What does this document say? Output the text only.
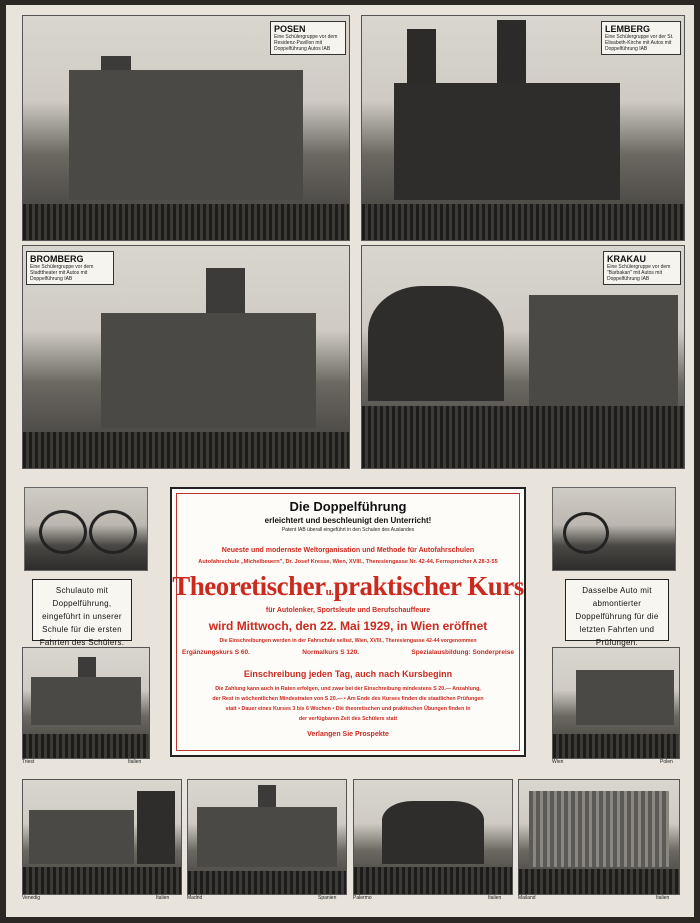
POSEN
Eine Schülergruppe vor dem Residenz-Pavillon mit Doppelführung Autos IAB
LEMBERG
Eine Schülergruppe vor der St. Elisabeth-Kirche mit Autos mit Doppelführung IAB
BROMBERG
Eine Schülergruppe vor dem Stadttheater mit Autos mit Doppelführung IAB
KRAKAU
Eine Schülergruppe vor dem "Barbakan" mit Autos mit Doppelführung IAB
Schulauto mit Doppelführung, eingeführt in unserer Schule für die ersten Fahrten des Schülers.
Dasselbe Auto mit abmontierter Doppelführung für die letzten Fahrten und Prüfungen.
Triest	Italien	Wien	Polen
Die Doppelführung
erleichtert und beschleunigt den Unterricht!
Patent IAB überall eingeführt in den Schulen des Auslandes
Neueste und modernste Weltorganisation und Methode für Autofahrschulen
Autofahrschule „Michelbeuern", Dr. Josef Kresse, Wien, XVIII., Theresiengasse Nr. 42-44, Fernsprecher A 28-3-55
Theoretischeru.praktischer Kurs
für Autolenker, Sportsleute und Berufschauffeure
wird Mittwoch, den 22. Mai 1929, in Wien eröffnet
Die Einschreibungen werden in der Fahrschule selbst, Wien, XVIII., Theresiengasse 42-44 vorgenommen
Ergänzungskurs S 60.	Normalkurs S 120.	Spezialausbildung: Sonderpreise
Einschreibung jeden Tag, auch nach Kursbeginn
Die Zahlung kann auch in Raten erfolgen, und zwar bei der Einschreibung mindestens S 20.— Anzahlung,
der Rest in wöchentlichen Mindestraten von S 20.— • Am Ende des Kurses finden die staatlichen Prüfungen
statt • Dauer eines Kurses 3 bis 6 Wochen • Die theoretischen und praktischen Übungen finden in
der verfügbaren Zeit des Schülers statt
Verlangen Sie Prospekte
Venedig	Italien	Madrid	Spanien	Palermo	Italien	Mailand	Italien
